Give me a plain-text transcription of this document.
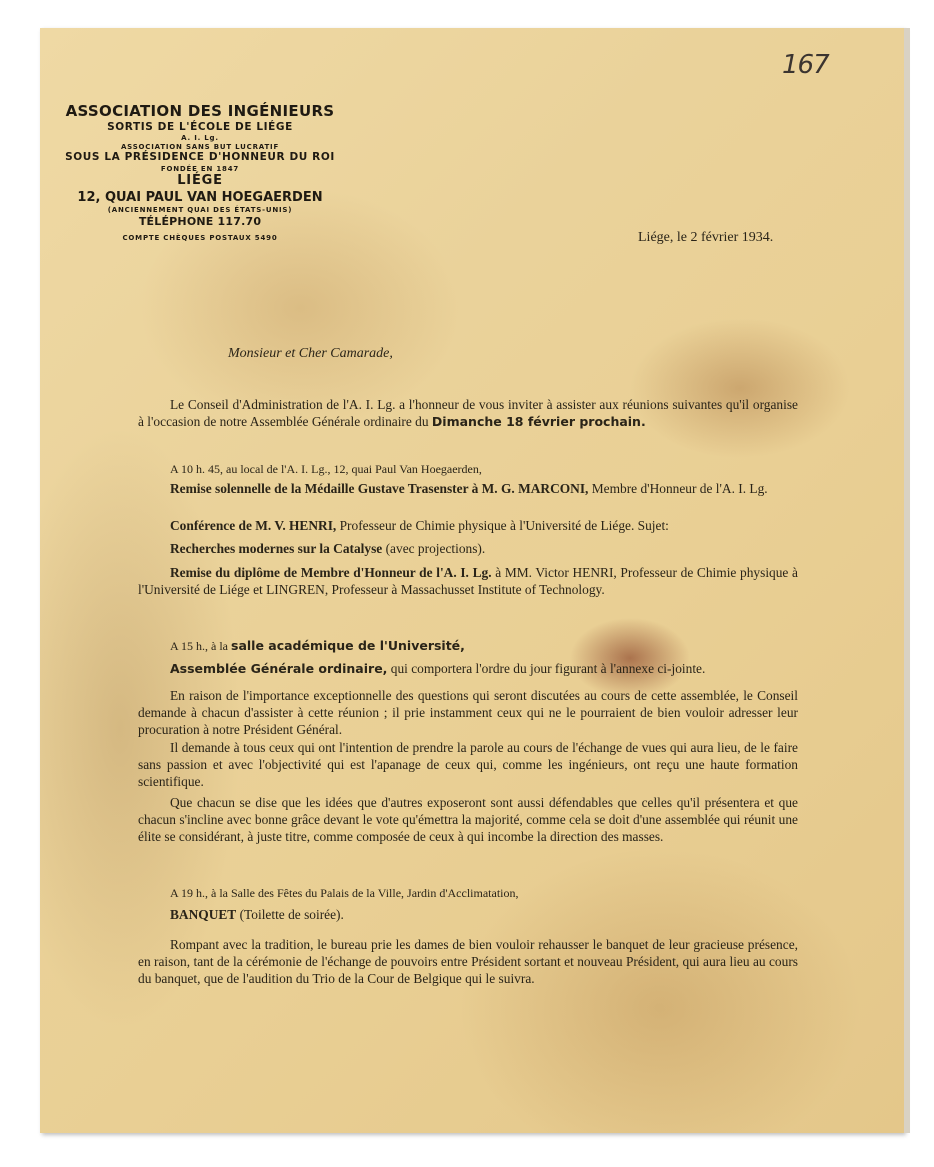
167
ASSOCIATION DES INGÉNIEURS
SORTIS DE L'ÉCOLE DE LIÉGE
A. I. Lg.
ASSOCIATION SANS BUT LUCRATIF
SOUS LA PRÉSIDENCE D'HONNEUR DU ROI
FONDÉE EN 1847
LIÉGE
12, QUAI PAUL VAN HOEGAERDEN
(ANCIENNEMENT QUAI DES ÉTATS-UNIS)
TÉLÉPHONE 117.70
COMPTE CHÈQUES POSTAUX 5490	Liége, le 2 février 1934.
Monsieur et Cher Camarade,
Le Conseil d'Administration de l'A. I. Lg. a l'honneur de vous inviter à assister aux réunions suivantes qu'il organise à l'occasion de notre Assemblée Générale ordinaire du Dimanche 18 février prochain.
A 10 h. 45, au local de l'A. I. Lg., 12, quai Paul Van Hoegaerden,
Remise solennelle de la Médaille Gustave Trasenster à M. G. MARCONI, Membre d'Honneur de l'A. I. Lg.
Conférence de M. V. HENRI, Professeur de Chimie physique à l'Université de Liége. Sujet:
Recherches modernes sur la Catalyse (avec projections).
Remise du diplôme de Membre d'Honneur de l'A. I. Lg. à MM. Victor HENRI, Professeur de Chimie physique à l'Université de Liége et LINGREN, Professeur à Massachusset Institute of Technology.
A 15 h., à la salle académique de l'Université,
Assemblée Générale ordinaire, qui comportera l'ordre du jour figurant à l'annexe ci-jointe.
En raison de l'importance exceptionnelle des questions qui seront discutées au cours de cette assemblée, le Conseil demande à chacun d'assister à cette réunion ; il prie instamment ceux qui ne le pourraient de bien vouloir adresser leur procuration à notre Président Général.
Il demande à tous ceux qui ont l'intention de prendre la parole au cours de l'échange de vues qui aura lieu, de le faire sans passion et avec l'objectivité qui est l'apanage de ceux qui, comme les ingénieurs, ont reçu une haute formation scientifique.
Que chacun se dise que les idées que d'autres exposeront sont aussi défendables que celles qu'il présentera et que chacun s'incline avec bonne grâce devant le vote qu'émettra la majorité, comme cela se doit d'une assemblée qui réunit une élite se considérant, à juste titre, comme composée de ceux à qui incombe la direction des masses.
A 19 h., à la Salle des Fêtes du Palais de la Ville, Jardin d'Acclimatation,
BANQUET (Toilette de soirée).
Rompant avec la tradition, le bureau prie les dames de bien vouloir rehausser le banquet de leur gracieuse présence, en raison, tant de la cérémonie de l'échange de pouvoirs entre Président sortant et nouveau Président, qui aura lieu au cours du banquet, que de l'audition du Trio de la Cour de Belgique qui le suivra.
